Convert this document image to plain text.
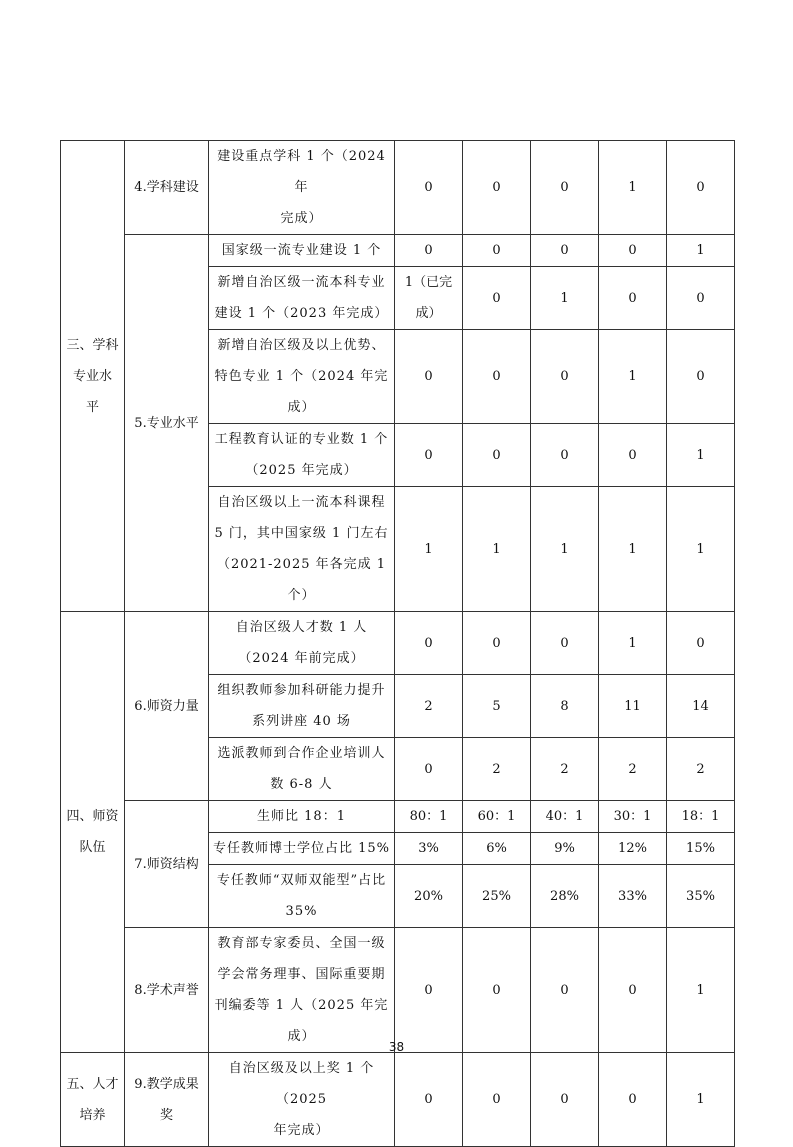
三、学科
专业水
平	4.学科建设	建设重点学科 1 个（2024 年
完成）	0	0	0	1	0
	5.专业水平	国家级一流专业建设 1 个	0	0	0	0	1
		新增自治区级一流本科专业
建设 1 个（2023 年完成）	1（已完
成）	0	1	0	0
		新增自治区级及以上优势、
特色专业 1 个（2024 年完成）	0	0	0	1	0
		工程教育认证的专业数 1 个
（2025 年完成）	0	0	0	0	1
		自治区级以上一流本科课程
5 门，其中国家级 1 门左右
（2021-2025 年各完成 1 个）	1	1	1	1	1
四、师资
队伍	6.师资力量	自治区级人才数 1 人
（2024 年前完成）	0	0	0	1	0
		组织教师参加科研能力提升
系列讲座 40 场	2	5	8	11	14
		选派教师到合作企业培训人
数 6-8 人	0	2	2	2	2
	7.师资结构	生师比 18：1	80：1	60：1	40：1	30：1	18：1
		专任教师博士学位占比 15%	3%	6%	9%	12%	15%
		专任教师“双师双能型”占比
35%	20%	25%	28%	33%	35%
	8.学术声誉	教育部专家委员、全国一级
学会常务理事、国际重要期
刊编委等 1 人（2025 年完成）	0	0	0	0	1
五、人才
培养	9.教学成果
奖	自治区级及以上奖 1 个（2025
年完成）	0	0	0	0	1
38
